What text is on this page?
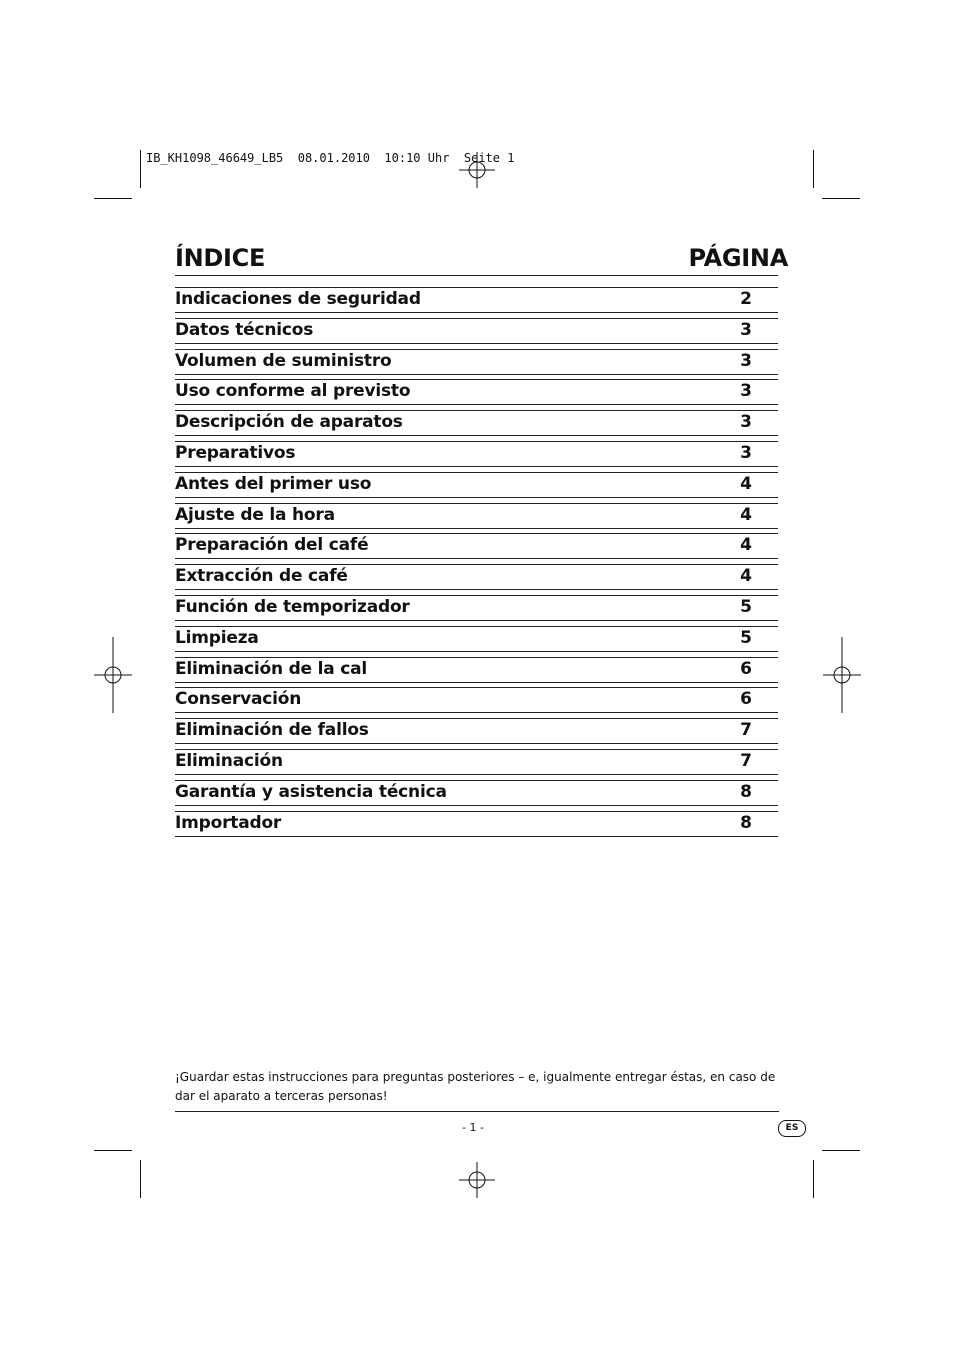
IB_KH1098_46649_LB5  08.01.2010  10:10 Uhr  Seite 1
ÍNDICE	PÁGINA
Indicaciones de seguridad	2
Datos técnicos	3
Volumen de suministro	3
Uso conforme al previsto	3
Descripción de aparatos	3
Preparativos	3
Antes del primer uso	4
Ajuste de la hora	4
Preparación del café	4
Extracción de café	4
Función de temporizador	5
Limpieza	5
Eliminación de la cal	6
Conservación	6
Eliminación de fallos	7
Eliminación	7
Garantía y asistencia técnica	8
Importador	8
¡Guardar estas instrucciones para preguntas posteriores – e, igualmente entregar éstas, en caso de dar el aparato a terceras personas!
- 1 -	ES
